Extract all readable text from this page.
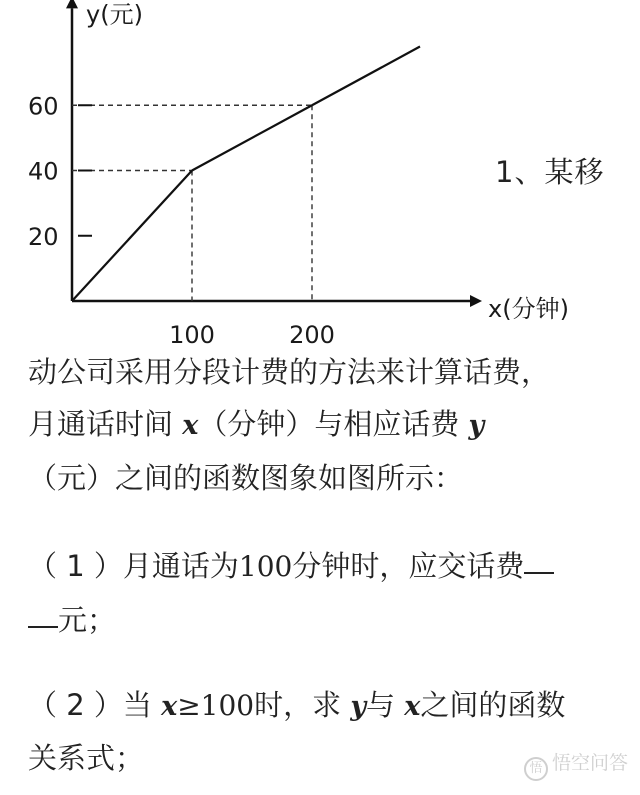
20
40
60
100	200
y(元)
x(分钟)
1、某移
动公司采用分段计费的方法来计算话费，
月通话时间 x（分钟）与相应话费 y
（元）之间的函数图象如图所示：
（ 1 ）月通话为100分钟时，应交话费
元；
（ 2 ）当 x≥100时，求 y与 x之间的函数
关系式；	悟 悟空问答
